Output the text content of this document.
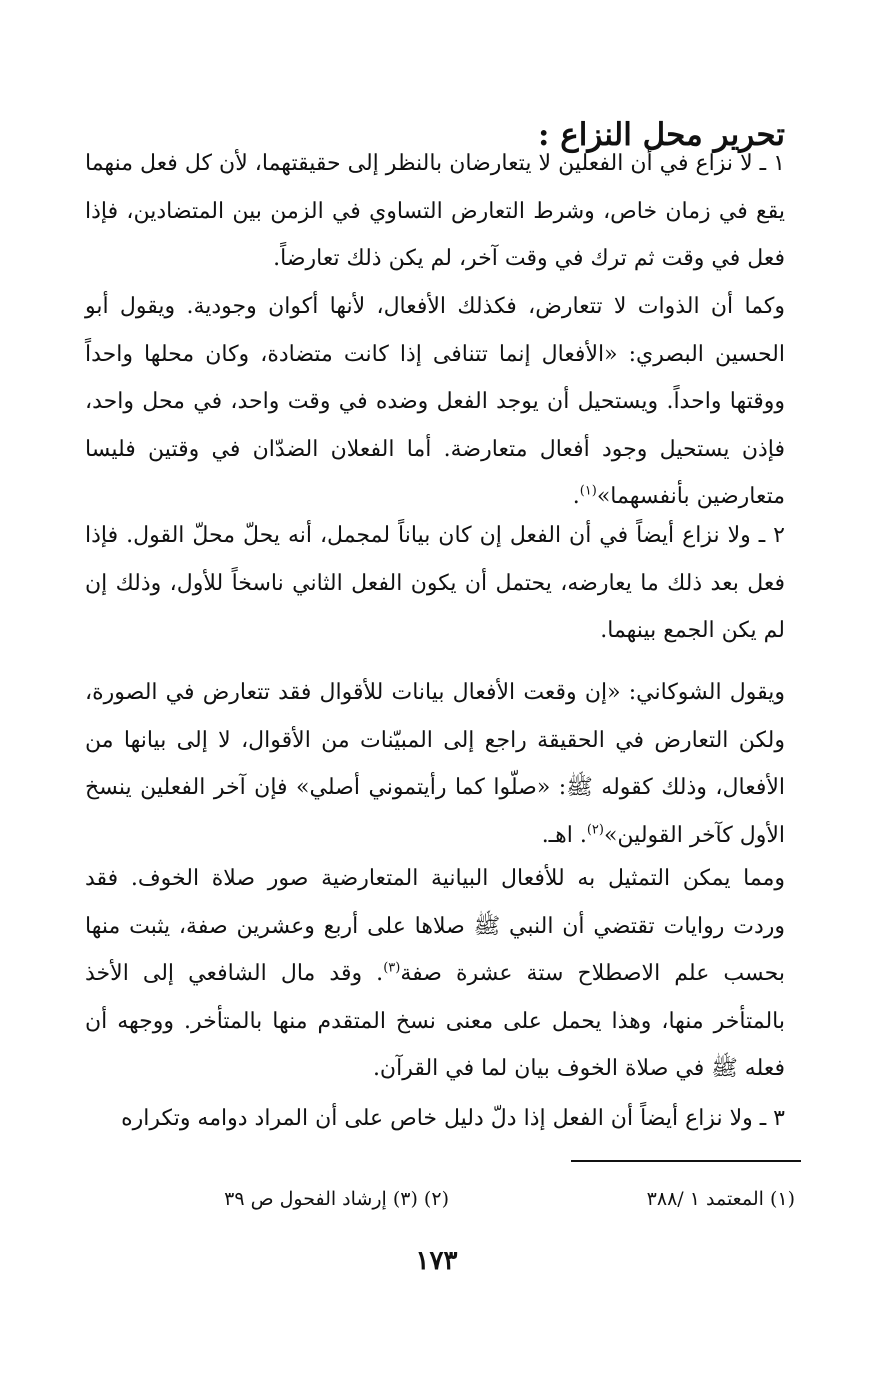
تحرير محل النزاع :

١ ـ لا نزاع في أن الفعلين لا يتعارضان بالنظر إلى حقيقتهما، لأن كل فعل منهما يقع في زمان خاص، وشرط التعارض التساوي في الزمن بين المتضادين، فإذا فعل في وقت ثم ترك في وقت آخر، لم يكن ذلك تعارضاً.

وكما أن الذوات لا تتعارض، فكذلك الأفعال، لأنها أكوان وجودية. ويقول أبو الحسين البصري: «الأفعال إنما تتنافى إذا كانت متضادة، وكان محلها واحداً ووقتها واحداً. ويستحيل أن يوجد الفعل وضده في وقت واحد، في محل واحد، فإذن يستحيل وجود أفعال متعارضة. أما الفعلان الضدّان في وقتين فليسا متعارضين بأنفسهما»$^{(١)}$.

٢ ـ ولا نزاع أيضاً في أن الفعل إن كان بياناً لمجمل، أنه يحلّ محلّ القول. فإذا فعل بعد ذلك ما يعارضه، يحتمل أن يكون الفعل الثاني ناسخاً للأول، وذلك إن لم يكن الجمع بينهما.

ويقول الشوكاني: «إن وقعت الأفعال بيانات للأقوال فقد تتعارض في الصورة، ولكن التعارض في الحقيقة راجع إلى المبيّنات من الأقوال، لا إلى بيانها من الأفعال، وذلك كقوله ﷺ: «صلّوا كما رأيتموني أصلي» فإن آخر الفعلين ينسخ الأول كآخر القولين»$^{(٢)}$. اهـ.

ومما يمكن التمثيل به للأفعال البيانية المتعارضية صور صلاة الخوف. فقد وردت روايات تقتضي أن النبي ﷺ صلاها على أربع وعشرين صفة، يثبت منها بحسب علم الاصطلاح ستة عشرة صفة$^{(٣)}$. وقد مال الشافعي إلى الأخذ بالمتأخر منها، وهذا يحمل على معنى نسخ المتقدم منها بالمتأخر. ووجهه أن فعله ﷺ في صلاة الخوف بيان لما في القرآن.

٣ ـ ولا نزاع أيضاً أن الفعل إذا دلّ دليل خاص على أن المراد دوامه وتكراره

(١) المعتمد ١ /٣٨٨
(٢) (٣) إرشاد الفحول ص ٣٩
١٧٣
